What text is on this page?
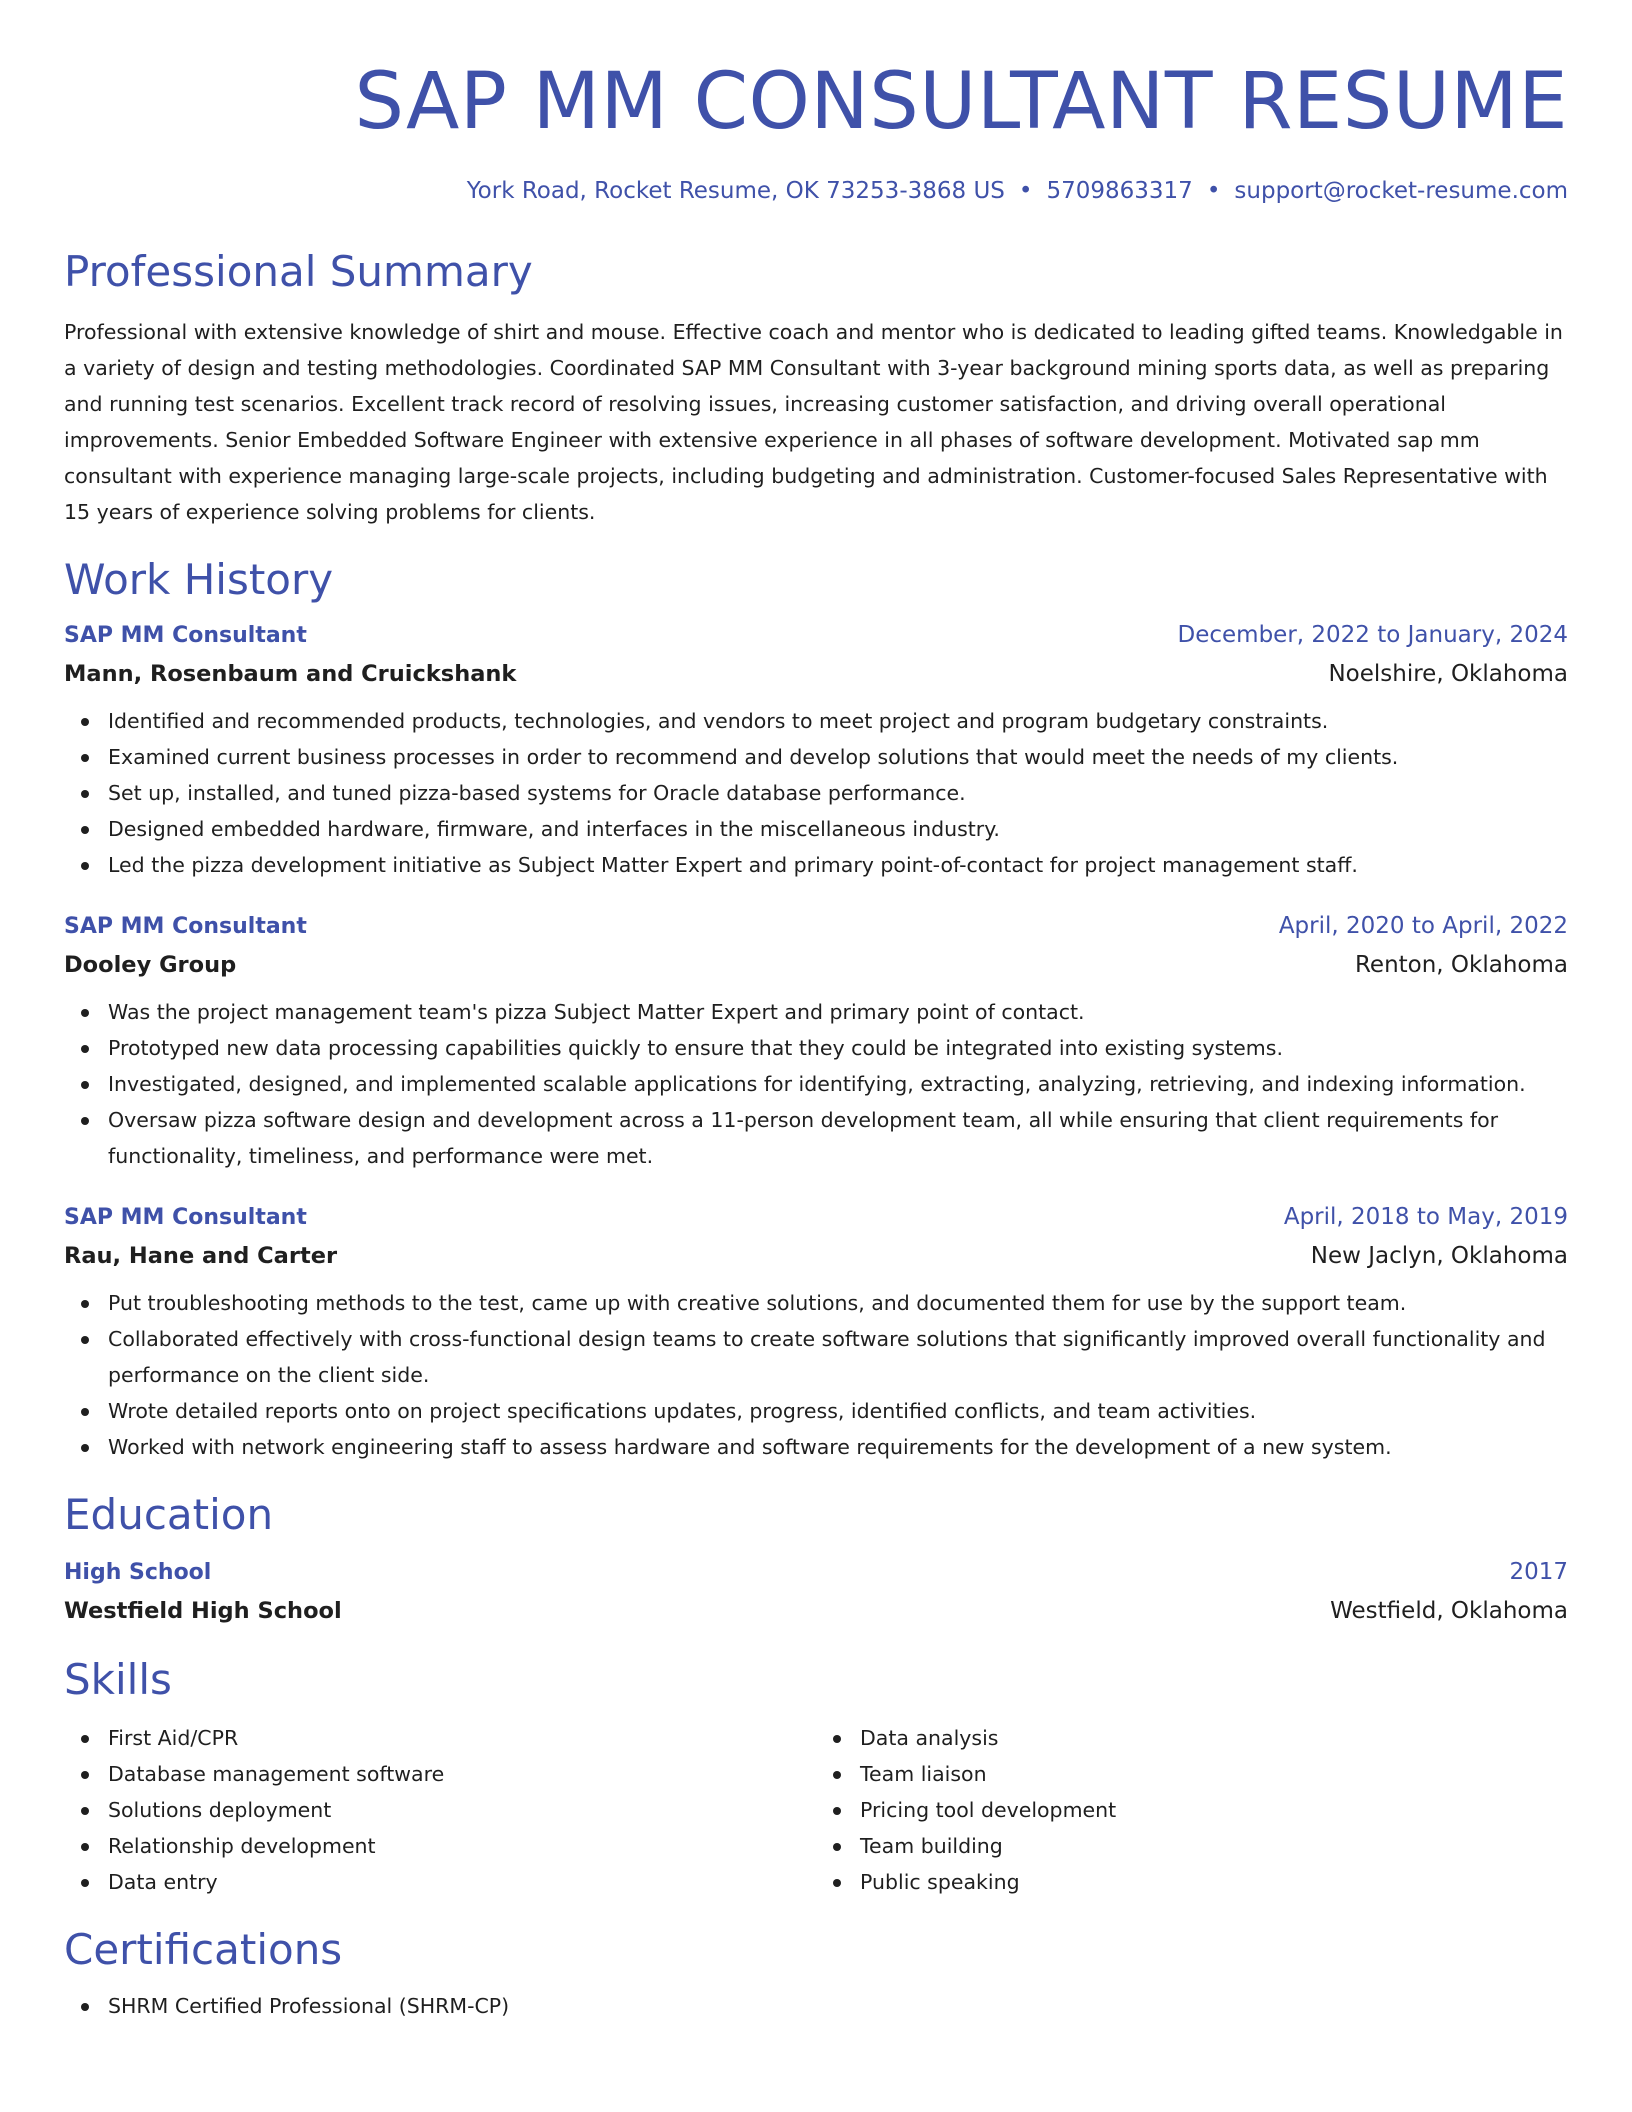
SAP MM CONSULTANT RESUME
York Road, Rocket Resume, OK 73253-3868 US • 5709863317 • support@rocket-resume.com
Professional Summary

Professional with extensive knowledge of shirt and mouse. Effective coach and mentor who is dedicated to leading gifted teams. Knowledgable in a variety of design and testing methodologies. Coordinated SAP MM Consultant with 3-year background mining sports data, as well as preparing and running test scenarios. Excellent track record of resolving issues, increasing customer satisfaction, and driving overall operational improvements. Senior Embedded Software Engineer with extensive experience in all phases of software development. Motivated sap mm consultant with experience managing large-scale projects, including budgeting and administration. Customer-focused Sales Representative with 15 years of experience solving problems for clients.

Work History
SAP MM Consultant	December, 2022 to January, 2024
Mann, Rosenbaum and Cruickshank	Noelshire, Oklahoma
Identified and recommended products, technologies, and vendors to meet project and program budgetary constraints.
Examined current business processes in order to recommend and develop solutions that would meet the needs of my clients.
Set up, installed, and tuned pizza-based systems for Oracle database performance.
Designed embedded hardware, firmware, and interfaces in the miscellaneous industry.
Led the pizza development initiative as Subject Matter Expert and primary point-of-contact for project management staff.
SAP MM Consultant	April, 2020 to April, 2022
Dooley Group	Renton, Oklahoma
Was the project management team's pizza Subject Matter Expert and primary point of contact.
Prototyped new data processing capabilities quickly to ensure that they could be integrated into existing systems.
Investigated, designed, and implemented scalable applications for identifying, extracting, analyzing, retrieving, and indexing information.
Oversaw pizza software design and development across a 11-person development team, all while ensuring that client requirements for functionality, timeliness, and performance were met.
SAP MM Consultant	April, 2018 to May, 2019
Rau, Hane and Carter	New Jaclyn, Oklahoma
Put troubleshooting methods to the test, came up with creative solutions, and documented them for use by the support team.
Collaborated effectively with cross-functional design teams to create software solutions that significantly improved overall functionality and performance on the client side.
Wrote detailed reports onto on project specifications updates, progress, identified conflicts, and team activities.
Worked with network engineering staff to assess hardware and software requirements for the development of a new system.
Education
High School	2017
Westfield High School	Westfield, Oklahoma
Skills
First Aid/CPR
Database management software
Solutions deployment
Relationship development
Data entry
Data analysis
Team liaison
Pricing tool development
Team building
Public speaking
Certifications
SHRM Certified Professional (SHRM-CP)
